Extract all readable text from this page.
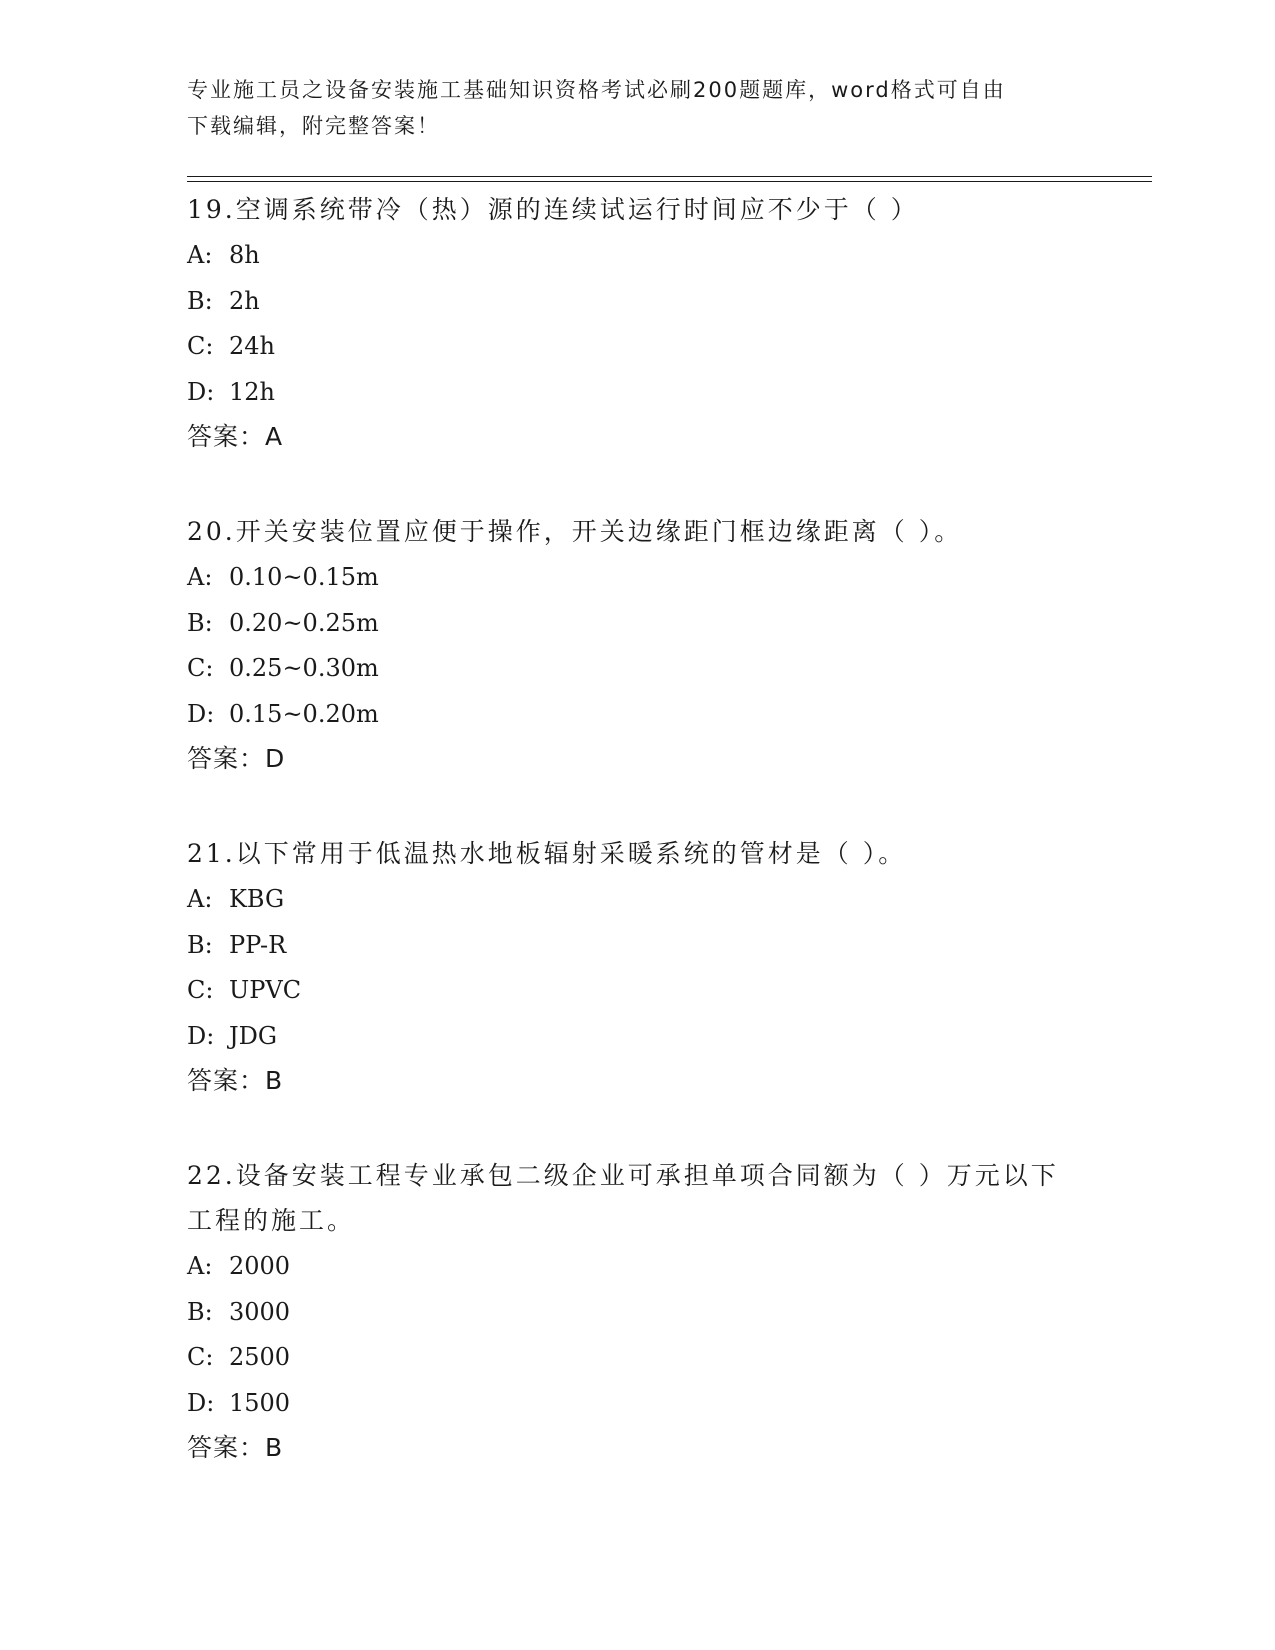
专业施工员之设备安装施工基础知识资格考试必刷200题题库，word格式可自由
下载编辑，附完整答案！
19.空调系统带冷（热）源的连续试运行时间应不少于（ ）
A: 8h
B: 2h
C: 24h
D: 12h
答案：A
20.开关安装位置应便于操作，开关边缘距门框边缘距离（ ）。
A: 0.10~0.15m
B: 0.20~0.25m
C: 0.25~0.30m
D: 0.15~0.20m
答案：D
21.以下常用于低温热水地板辐射采暖系统的管材是（ ）。
A: KBG
B: PP-R
C: UPVC
D: JDG
答案：B
22.设备安装工程专业承包二级企业可承担单项合同额为（ ）万元以下工程的施工。
A: 2000
B: 3000
C: 2500
D: 1500
答案：B
